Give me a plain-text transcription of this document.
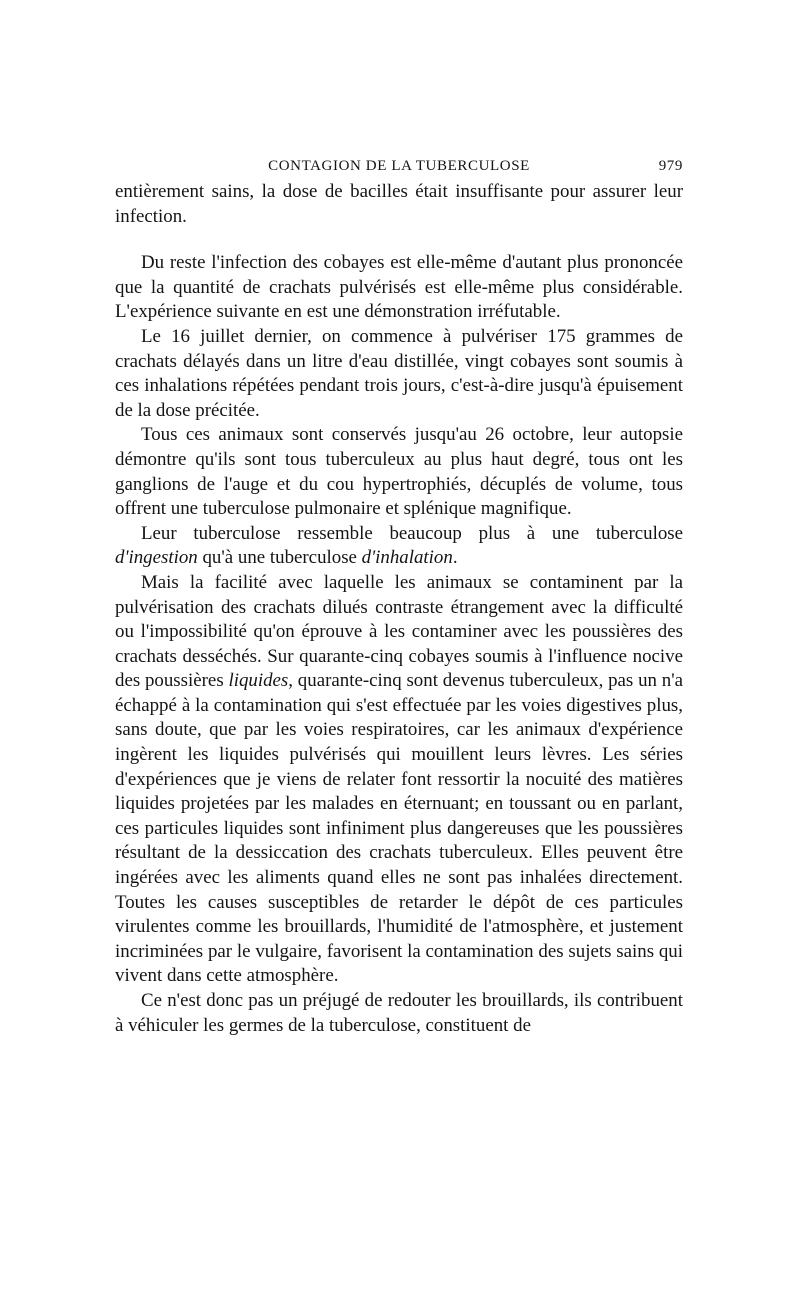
CONTAGION DE LA TUBERCULOSE	979

entièrement sains, la dose de bacilles était insuffisante pour assurer leur infection.

Du reste l'infection des cobayes est elle-même d'autant plus prononcée que la quantité de crachats pulvérisés est elle-même plus considérable. L'expérience suivante en est une démonstration irréfutable.

Le 16 juillet dernier, on commence à pulvériser 175 grammes de crachats délayés dans un litre d'eau distillée, vingt cobayes sont soumis à ces inhalations répétées pendant trois jours, c'est-à-dire jusqu'à épuisement de la dose précitée.

Tous ces animaux sont conservés jusqu'au 26 octobre, leur autopsie démontre qu'ils sont tous tuberculeux au plus haut degré, tous ont les ganglions de l'auge et du cou hypertrophiés, décuplés de volume, tous offrent une tuberculose pulmonaire et splénique magnifique.

Leur tuberculose ressemble beaucoup plus à une tuberculose d'ingestion qu'à une tuberculose d'inhalation.

Mais la facilité avec laquelle les animaux se contaminent par la pulvérisation des crachats dilués contraste étrangement avec la difficulté ou l'impossibilité qu'on éprouve à les contaminer avec les poussières des crachats desséchés. Sur quarante-cinq cobayes soumis à l'influence nocive des poussières liquides, quarante-cinq sont devenus tuberculeux, pas un n'a échappé à la contamination qui s'est effectuée par les voies digestives plus, sans doute, que par les voies respiratoires, car les animaux d'expérience ingèrent les liquides pulvérisés qui mouillent leurs lèvres. Les séries d'expériences que je viens de relater font ressortir la nocuité des matières liquides projetées par les malades en éternuant; en toussant ou en parlant, ces particules liquides sont infiniment plus dangereuses que les poussières résultant de la dessiccation des crachats tuberculeux. Elles peuvent être ingérées avec les aliments quand elles ne sont pas inhalées directement. Toutes les causes susceptibles de retarder le dépôt de ces particules virulentes comme les brouillards, l'humidité de l'atmosphère, et justement incriminées par le vulgaire, favorisent la contamination des sujets sains qui vivent dans cette atmosphère.

Ce n'est donc pas un préjugé de redouter les brouillards, ils contribuent à véhiculer les germes de la tuberculose, constituent de
